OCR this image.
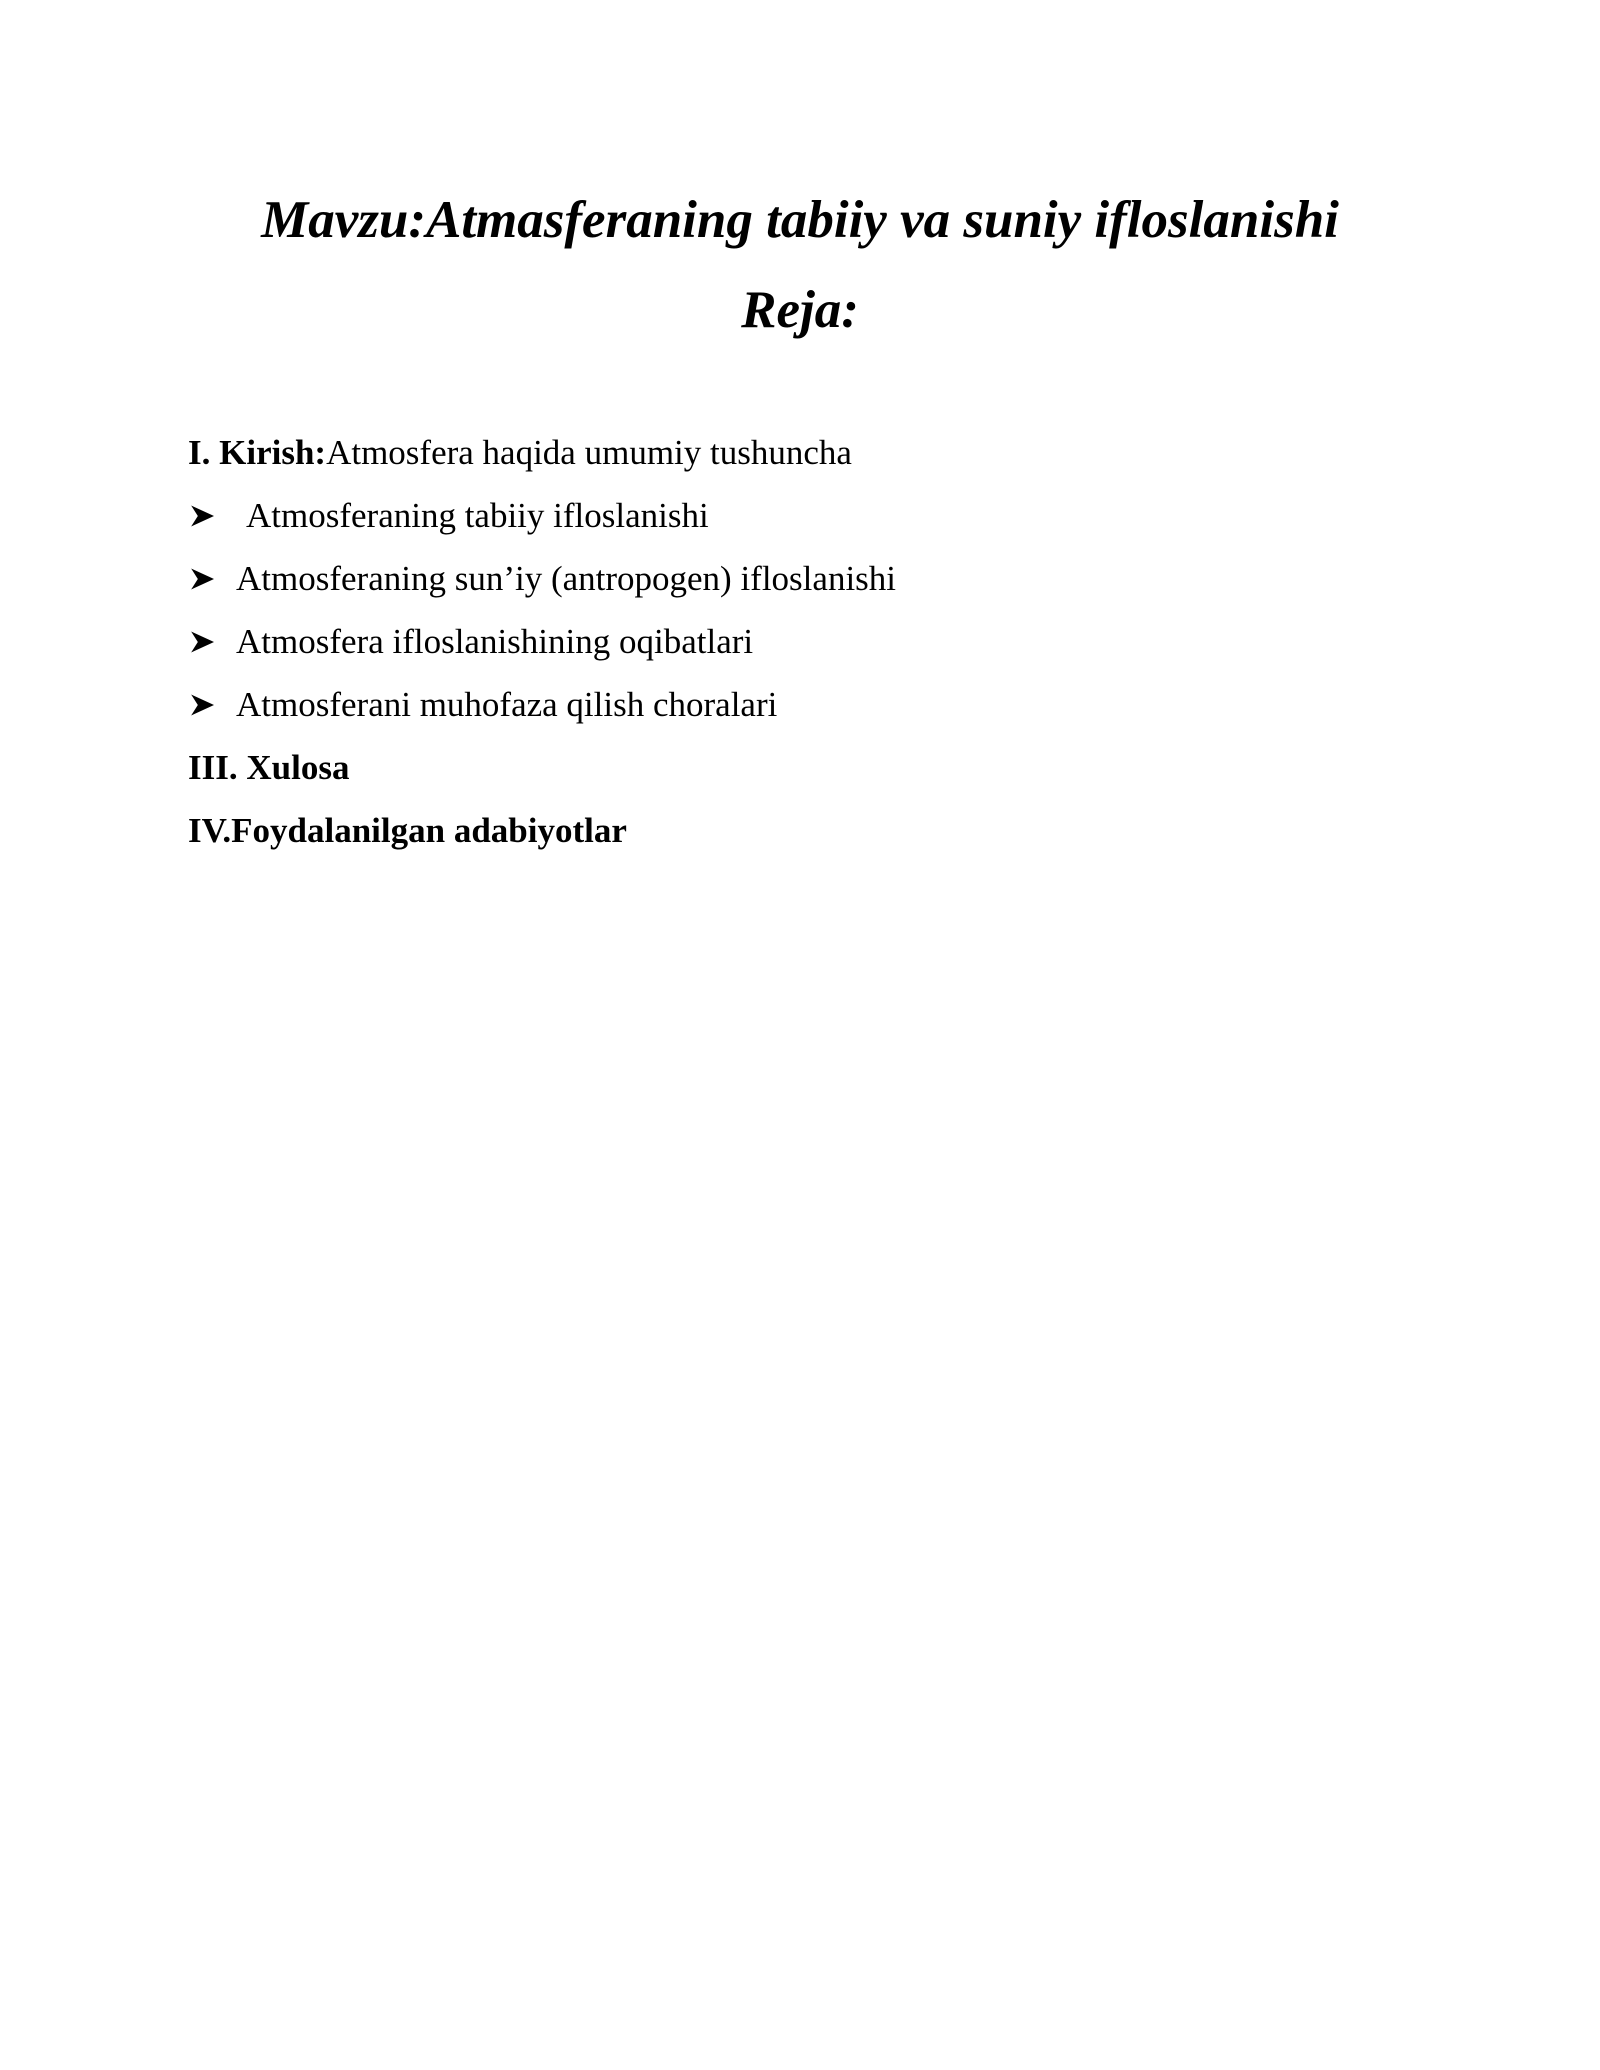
Mavzu:Atmasferaning tabiiy va suniy ifloslanishi
Reja:
I. Kirish:Atmosfera haqida umumiy tushuncha
Atmosferaning tabiiy ifloslanishi
Atmosferaning sun’iy (antropogen) ifloslanishi
Atmosfera ifloslanishining oqibatlari
Atmosferani muhofaza qilish choralari
III. Xulosa
IV.Foydalanilgan adabiyotlar
